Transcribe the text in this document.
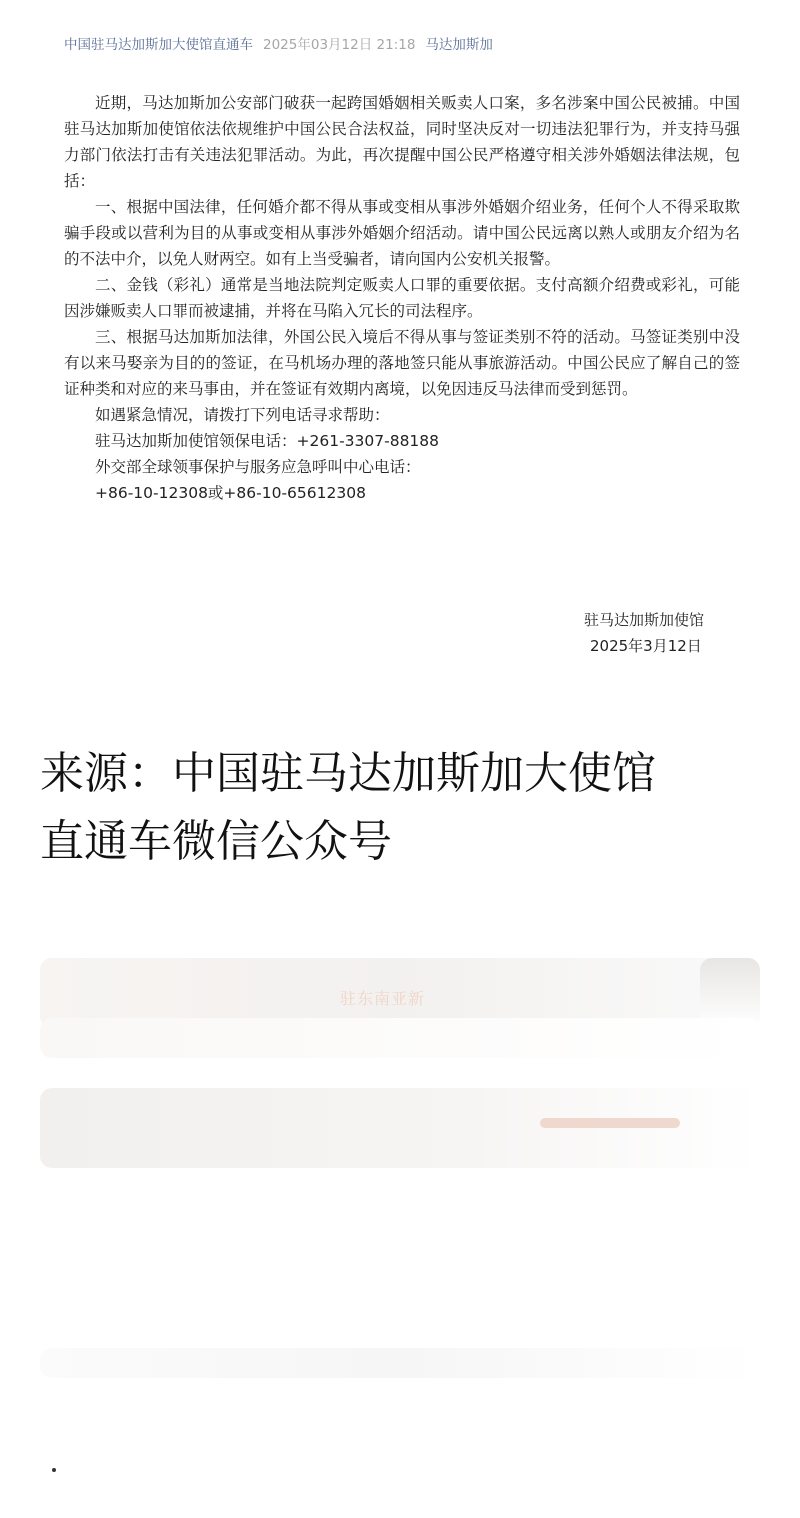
中国驻马达加斯加大使馆直通车 2025年03月12日 21:18 马达加斯加

近期，马达加斯加公安部门破获一起跨国婚姻相关贩卖人口案，多名涉案中国公民被捕。中国驻马达加斯加使馆依法依规维护中国公民合法权益，同时坚决反对一切违法犯罪行为，并支持马强力部门依法打击有关违法犯罪活动。为此，再次提醒中国公民严格遵守相关涉外婚姻法律法规，包括：

一、根据中国法律，任何婚介都不得从事或变相从事涉外婚姻介绍业务，任何个人不得采取欺骗手段或以营利为目的从事或变相从事涉外婚姻介绍活动。请中国公民远离以熟人或朋友介绍为名的不法中介，以免人财两空。如有上当受骗者，请向国内公安机关报警。

二、金钱（彩礼）通常是当地法院判定贩卖人口罪的重要依据。支付高额介绍费或彩礼，可能因涉嫌贩卖人口罪而被逮捕，并将在马陷入冗长的司法程序。

三、根据马达加斯加法律，外国公民入境后不得从事与签证类别不符的活动。马签证类别中没有以来马娶亲为目的的签证，在马机场办理的落地签只能从事旅游活动。中国公民应了解自己的签证种类和对应的来马事由，并在签证有效期内离境，以免因违反马法律而受到惩罚。

如遇紧急情况，请拨打下列电话寻求帮助：

驻马达加斯加使馆领保电话：+261-3307-88188

外交部全球领事保护与服务应急呼叫中心电话：

+86-10-12308或+86-10-65612308

驻马达加斯加使馆
2025年3月12日
来源：中国驻马达加斯加大使馆
直通车微信公众号
驻东南亚新
